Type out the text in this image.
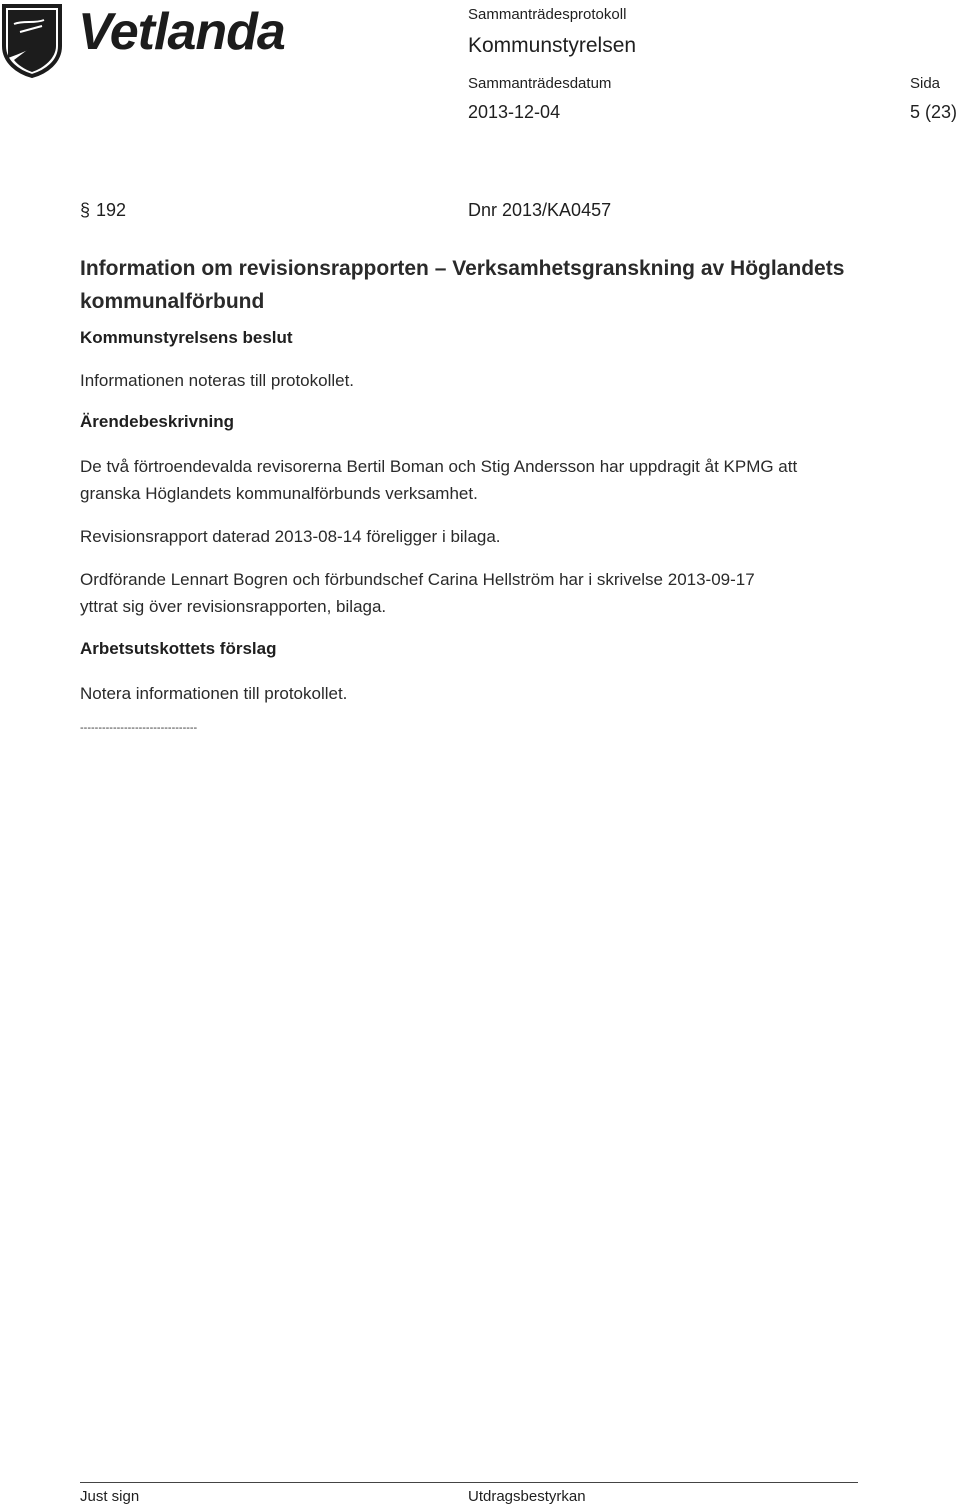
Vetlanda	Sammanträdesprotokoll
Kommunstyrelsen
Sammanträdesdatum	Sida
2013-12-04	5 (23)
§ 192	Dnr 2013/KA0457
Information om revisionsrapporten – Verksamhetsgranskning av Höglandets kommunalförbund
Kommunstyrelsens beslut
Informationen noteras till protokollet.
Ärendebeskrivning
De två förtroendevalda revisorerna Bertil Boman och Stig Andersson har uppdragit åt KPMG att granska Höglandets kommunalförbunds verksamhet.
Revisionsrapport daterad 2013-08-14 föreligger i bilaga.
Ordförande Lennart Bogren och förbundschef Carina Hellström har i skrivelse 2013-09-17 yttrat sig över revisionsrapporten, bilaga.
Arbetsutskottets förslag
Notera informationen till protokollet.
--------------------------------
Just sign	Utdragsbestyrkan
